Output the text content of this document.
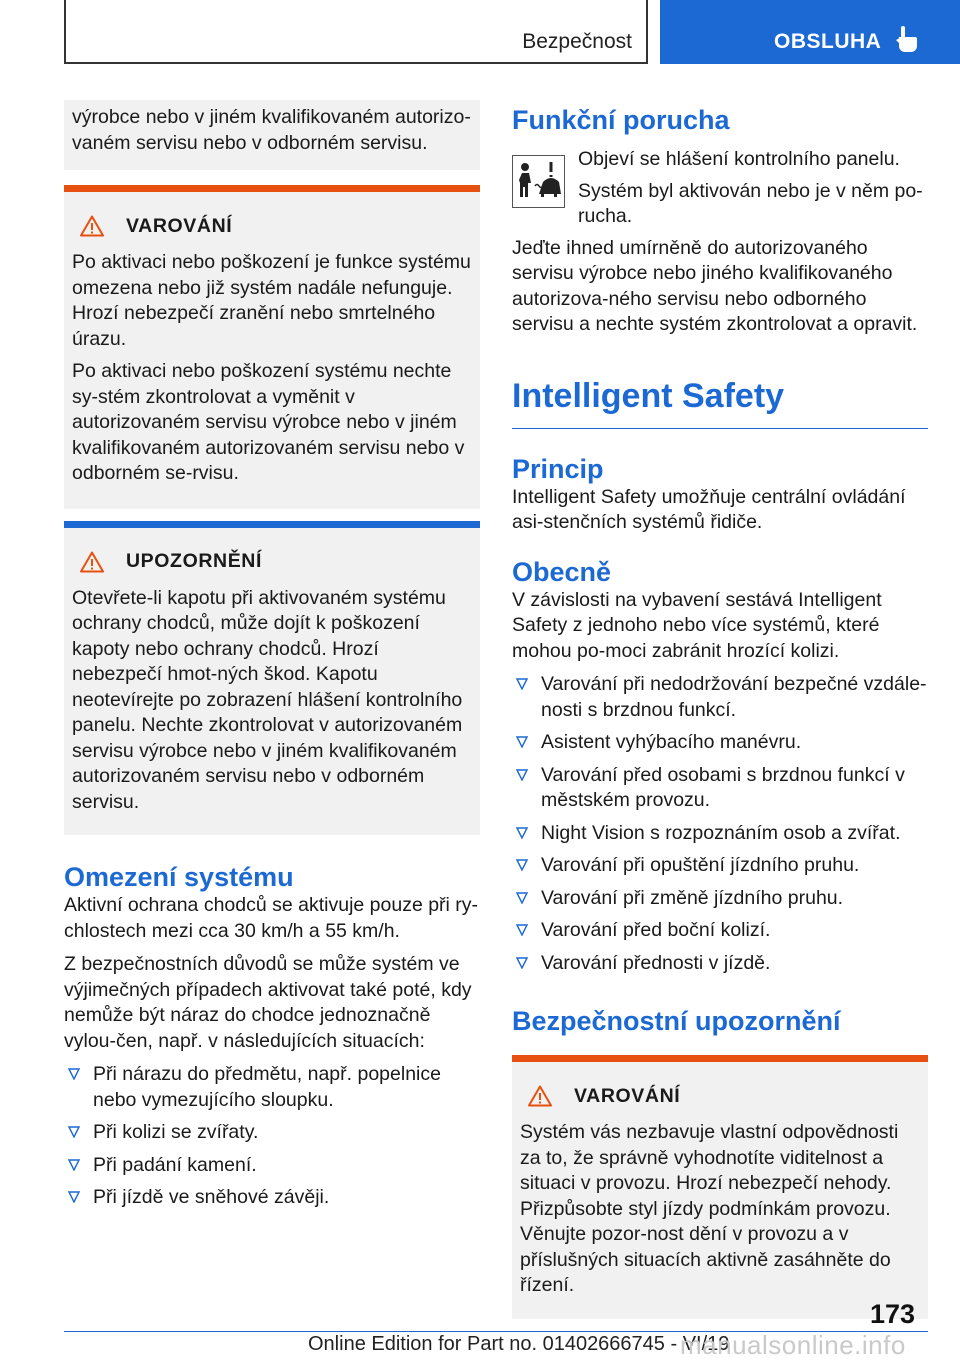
Bezpečnost	OBSLUHA

výrobce nebo v jiném kvalifikovaném autorizo-vaném servisu nebo v odborném servisu.

VAROVÁNÍ

Po aktivaci nebo poškození je funkce systému omezena nebo již systém nadále nefunguje. Hrozí nebezpečí zranění nebo smrtelného úrazu.

Po aktivaci nebo poškození systému nechte sy-stém zkontrolovat a vyměnit v autorizovaném servisu výrobce nebo v jiném kvalifikovaném autorizovaném servisu nebo v odborném se-rvisu.

UPOZORNĚNÍ

Otevřete-li kapotu při aktivovaném systému ochrany chodců, může dojít k poškození kapoty nebo ochrany chodců. Hrozí nebezpečí hmot-ných škod. Kapotu neotevírejte po zobrazení hlášení kontrolního panelu. Nechte zkontrolovat v autorizovaném servisu výrobce nebo v jiném kvalifikovaném autorizovaném servisu nebo v odborném servisu.

Omezení systému

Aktivní ochrana chodců se aktivuje pouze při ry-chlostech mezi cca 30 km/h a 55 km/h.

Z bezpečnostních důvodů se může systém ve výjimečných případech aktivovat také poté, kdy nemůže být náraz do chodce jednoznačně vylou-čen, např. v následujících situacích:

Při nárazu do předmětu, např. popelnice nebo vymezujícího sloupku.
Při kolizi se zvířaty.
Při padání kamení.
Při jízdě ve sněhové závěji.
Funkční porucha

Objeví se hlášení kontrolního panelu.

Systém byl aktivován nebo je v něm po-rucha.

Jeďte ihned umírněně do autorizovaného servisu výrobce nebo jiného kvalifikovaného autorizova-ného servisu nebo odborného servisu a nechte systém zkontrolovat a opravit.

Intelligent Safety
Princip

Intelligent Safety umožňuje centrální ovládání asi-stenčních systémů řidiče.

Obecně

V závislosti na vybavení sestává Intelligent Safety z jednoho nebo více systémů, které mohou po-moci zabránit hrozící kolizi.

Varování při nedodržování bezpečné vzdále-nosti s brzdnou funkcí.
Asistent vyhýbacího manévru.
Varování před osobami s brzdnou funkcí v městském provozu.
Night Vision s rozpoznáním osob a zvířat.
Varování při opuštění jízdního pruhu.
Varování při změně jízdního pruhu.
Varování před boční kolizí.
Varování přednosti v jízdě.
Bezpečnostní upozornění
VAROVÁNÍ

Systém vás nezbavuje vlastní odpovědnosti za to, že správně vyhodnotíte viditelnost a situaci v provozu. Hrozí nebezpečí nehody. Přizpůsobte styl jízdy podmínkám provozu. Věnujte pozor-nost dění v provozu a v příslušných situacích aktivně zasáhněte do řízení.

173
Online Edition for Part no. 01402666745 - VI/19
manualsonline.info
